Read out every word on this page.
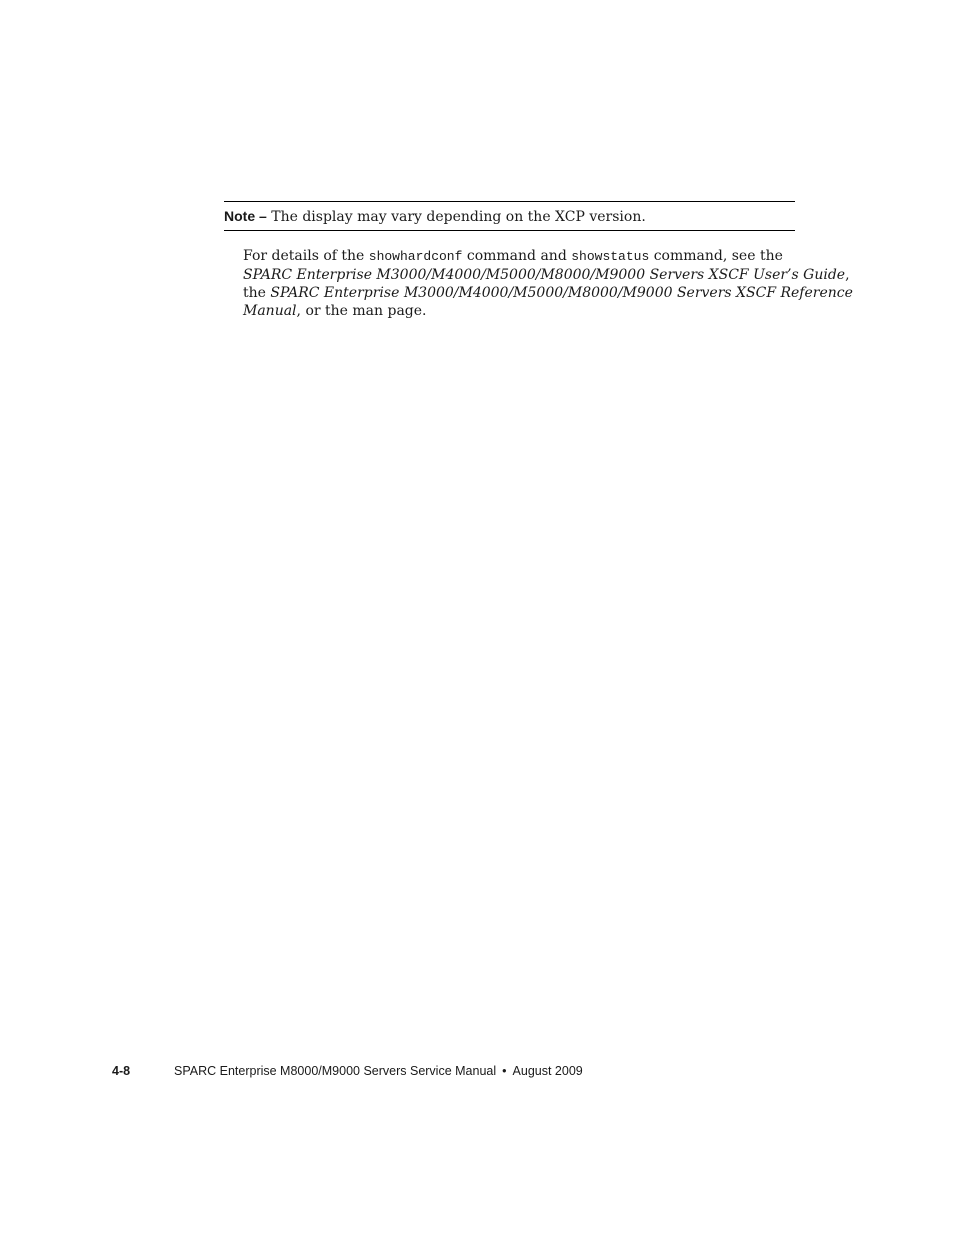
Note – The display may vary depending on the XCP version.
For details of the showhardconf command and showstatus command, see the
SPARC Enterprise M3000/M4000/M5000/M8000/M9000 Servers XSCF User’s Guide,
the SPARC Enterprise M3000/M4000/M5000/M8000/M9000 Servers XSCF Reference
Manual, or the man page.
4-8	SPARC Enterprise M8000/M9000 Servers Service Manual • August 2009
